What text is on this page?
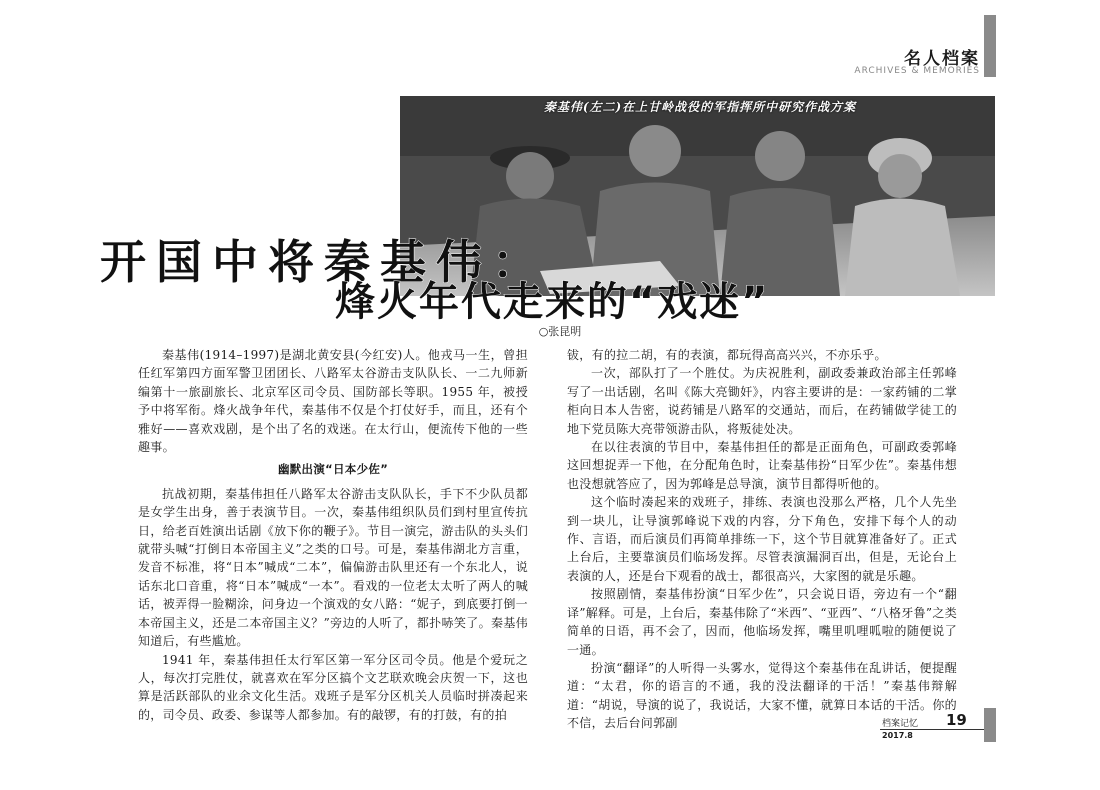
名人档案
ARCHIVES & MEMORIES
秦基伟(左二)在上甘岭战役的军指挥所中研究作战方案
开国中将秦基伟：
烽火年代走来的“戏迷”
○张昆明

秦基伟(1914–1997)是湖北黄安县(今红安)人。他戎马一生，曾担任红军第四方面军警卫团团长、八路军太谷游击支队队长、一二九师新编第十一旅副旅长、北京军区司令员、国防部长等职。1955 年，被授予中将军衔。烽火战争年代，秦基伟不仅是个打仗好手，而且，还有个雅好——喜欢戏剧，是个出了名的戏迷。在太行山，便流传下他的一些趣事。

幽默出演“日本少佐”

抗战初期，秦基伟担任八路军太谷游击支队队长，手下不少队员都是女学生出身，善于表演节目。一次，秦基伟组织队员们到村里宣传抗日，给老百姓演出话剧《放下你的鞭子》。节目一演完，游击队的头头们就带头喊“打倒日本帝国主义”之类的口号。可是，秦基伟湖北方言重，发音不标准，将“日本”喊成“二本”，偏偏游击队里还有一个东北人，说话东北口音重，将“日本”喊成“一本”。看戏的一位老太太听了两人的喊话，被弄得一脸糊涂，问身边一个演戏的女八路：“妮子，到底要打倒一本帝国主义，还是二本帝国主义？”旁边的人听了，都扑哧笑了。秦基伟知道后，有些尴尬。

1941 年，秦基伟担任太行军区第一军分区司令员。他是个爱玩之人，每次打完胜仗，就喜欢在军分区搞个文艺联欢晚会庆贺一下，这也算是活跃部队的业余文化生活。戏班子是军分区机关人员临时拼凑起来的，司令员、政委、参谋等人都参加。有的敲锣，有的打鼓，有的拍

钹，有的拉二胡，有的表演，都玩得高高兴兴，不亦乐乎。

一次，部队打了一个胜仗。为庆祝胜利，副政委兼政治部主任郭峰写了一出话剧，名叫《陈大亮锄奸》，内容主要讲的是：一家药铺的二掌柜向日本人告密，说药铺是八路军的交通站，而后，在药铺做学徒工的地下党员陈大亮带领游击队，将叛徒处决。

在以往表演的节目中，秦基伟担任的都是正面角色，可副政委郭峰这回想捉弄一下他，在分配角色时，让秦基伟扮“日军少佐”。秦基伟想也没想就答应了，因为郭峰是总导演，演节目都得听他的。

这个临时凑起来的戏班子，排练、表演也没那么严格，几个人先坐到一块儿，让导演郭峰说下戏的内容，分下角色，安排下每个人的动作、言语，而后演员们再简单排练一下，这个节目就算准备好了。正式上台后，主要靠演员们临场发挥。尽管表演漏洞百出，但是，无论台上表演的人，还是台下观看的战士，都很高兴，大家图的就是乐趣。

按照剧情，秦基伟扮演“日军少佐”，只会说日语，旁边有一个“翻译”解释。可是，上台后，秦基伟除了“米西”、“亚西”、“八格牙鲁”之类简单的日语，再不会了，因而，他临场发挥，嘴里叽哩呱啦的随便说了一通。

扮演“翻译”的人听得一头雾水，觉得这个秦基伟在乱讲话，便提醒道：“太君，你的语言的不通，我的没法翻译的干活！”秦基伟辩解道：“胡说，导演的说了，我说话，大家不懂，就算日本话的干活。你的不信，去后台问郭副	档案记忆 19
2017.8
